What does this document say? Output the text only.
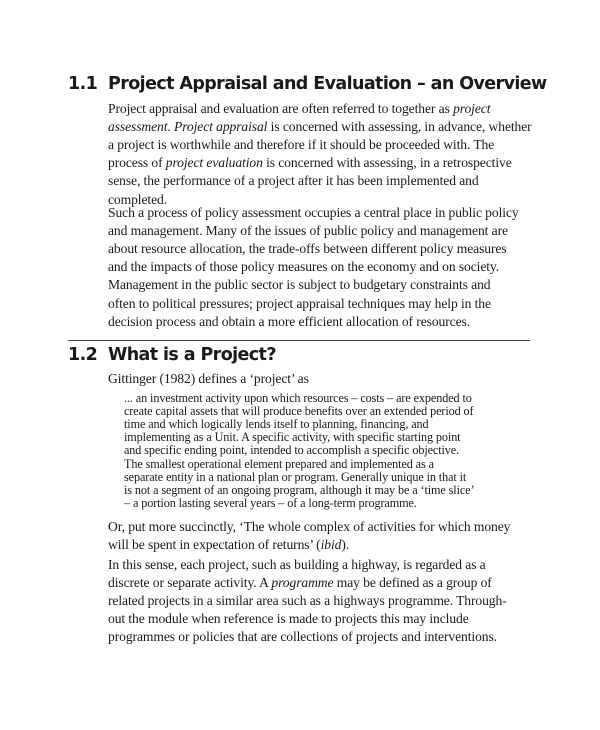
1.1 Project Appraisal and Evaluation – an Overview
Project appraisal and evaluation are often referred to together as project
assessment. Project appraisal is concerned with assessing, in advance, whether
a project is worthwhile and therefore if it should be proceeded with. The
process of project evaluation is concerned with assessing, in a retrospective
sense, the performance of a project after it has been implemented and
completed.
Such a process of policy assessment occupies a central place in public policy
and management. Many of the issues of public policy and management are
about resource allocation, the trade-offs between different policy measures
and the impacts of those policy measures on the economy and on society.
Management in the public sector is subject to budgetary constraints and
often to political pressures; project appraisal techniques may help in the
decision process and obtain a more efficient allocation of resources.
1.2 What is a Project?
Gittinger (1982) defines a ‘project’ as
... an investment activity upon which resources – costs – are expended to
create capital assets that will produce benefits over an extended period of
time and which logically lends itself to planning, financing, and
implementing as a Unit. A specific activity, with specific starting point
and specific ending point, intended to accomplish a specific objective.
The smallest operational element prepared and implemented as a
separate entity in a national plan or program. Generally unique in that it
is not a segment of an ongoing program, although it may be a ‘time slice’
– a portion lasting several years – of a long-term programme.
Or, put more succinctly, ‘The whole complex of activities for which money
will be spent in expectation of returns’ (ibid).
In this sense, each project, such as building a highway, is regarded as a
discrete or separate activity. A programme may be defined as a group of
related projects in a similar area such as a highways programme. Through-
out the module when reference is made to projects this may include
programmes or policies that are collections of projects and interventions.
